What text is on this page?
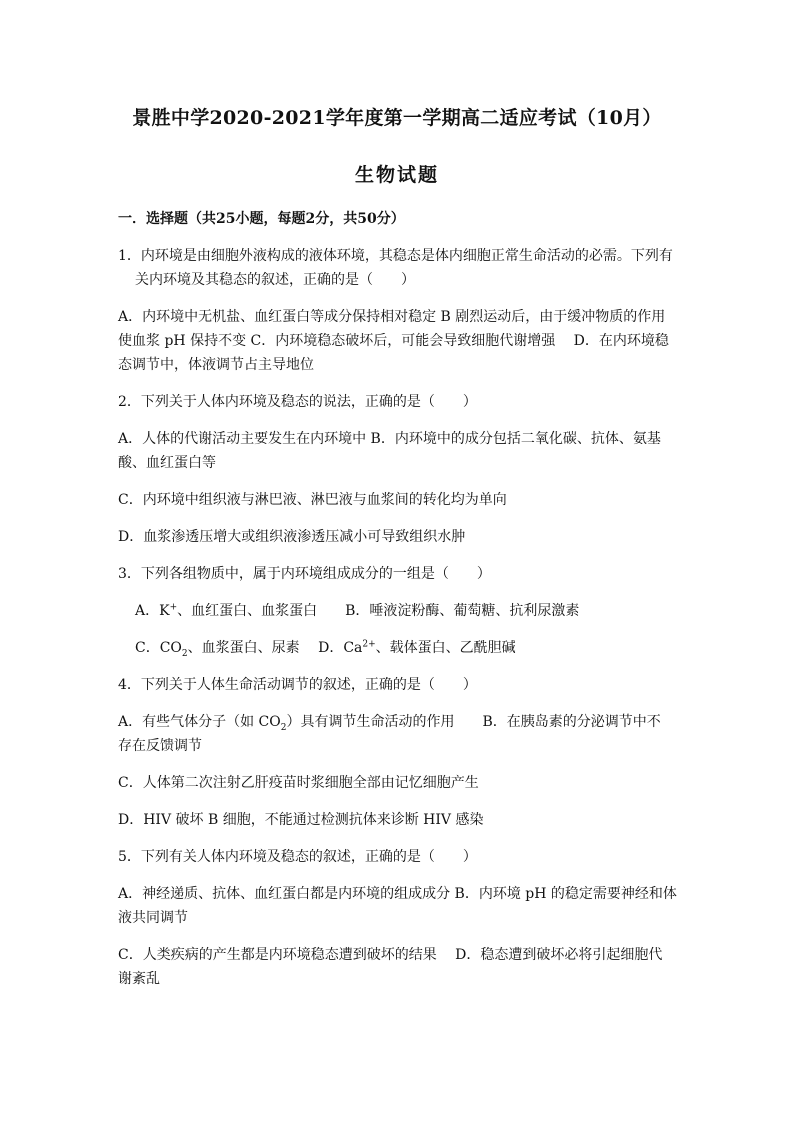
景胜中学2020-2021学年度第一学期高二适应考试（10月）
生物试题
一．选择题（共25小题，每题2分，共50分）
1．内环境是由细胞外液构成的液体环境，其稳态是体内细胞正常生命活动的必需。下列有
关内环境及其稳态的叙述，正确的是（　　）
A．内环境中无机盐、血红蛋白等成分保持相对稳定 B 剧烈运动后，由于缓冲物质的作用
使血浆 pH 保持不变 C．内环境稳态破坏后，可能会导致细胞代谢增强　 D．在内环境稳
态调节中，体液调节占主导地位
2．下列关于人体内环境及稳态的说法，正确的是（　　）
A．人体的代谢活动主要发生在内环境中 B．内环境中的成分包括二氧化碳、抗体、氨基
酸、血红蛋白等
C．内环境中组织液与淋巴液、淋巴液与血浆间的转化均为单向
D．血浆渗透压增大或组织液渗透压减小可导致组织水肿
3．下列各组物质中，属于内环境组成成分的一组是（　　）
A．K+、血红蛋白、血浆蛋白　　B．唾液淀粉酶、葡萄糖、抗利尿激素
C．$CO_2$、血浆蛋白、尿素　 D．$Ca^{2+}$、载体蛋白、乙酰胆碱
4．下列关于人体生命活动调节的叙述，正确的是（　　）
A．有些气体分子（如 $CO_2$）具有调节生命活动的作用　　B．在胰岛素的分泌调节中不
存在反馈调节
C．人体第二次注射乙肝疫苗时浆细胞全部由记忆细胞产生
D．HIV 破坏 B 细胞，不能通过检测抗体来诊断 HIV 感染
5．下列有关人体内环境及稳态的叙述，正确的是（　　）
A．神经递质、抗体、血红蛋白都是内环境的组成成分 B．内环境 pH 的稳定需要神经和体
液共同调节
C．人类疾病的产生都是内环境稳态遭到破坏的结果　 D．稳态遭到破坏必将引起细胞代
谢紊乱
